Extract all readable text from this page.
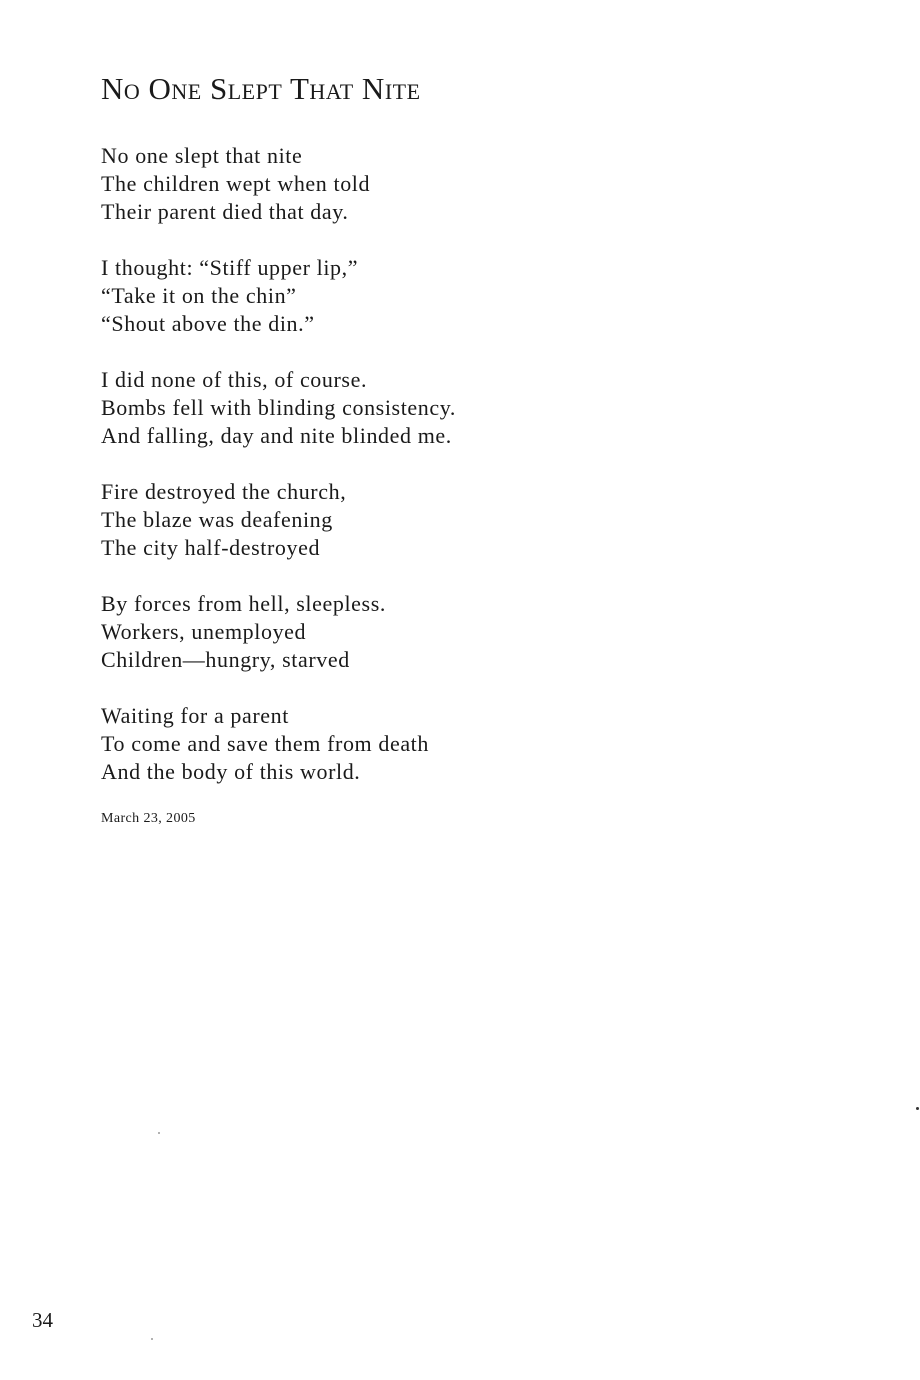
No One Slept That Nite
No one slept that nite
The children wept when told
Their parent died that day.
I thought: “Stiff upper lip,”
“Take it on the chin”
“Shout above the din.”
I did none of this, of course.
Bombs fell with blinding consistency.
And falling, day and nite blinded me.
Fire destroyed the church,
The blaze was deafening
The city half-destroyed
By forces from hell, sleepless.
Workers, unemployed
Children—hungry, starved
Waiting for a parent
To come and save them from death
And the body of this world.
March 23, 2005
34
